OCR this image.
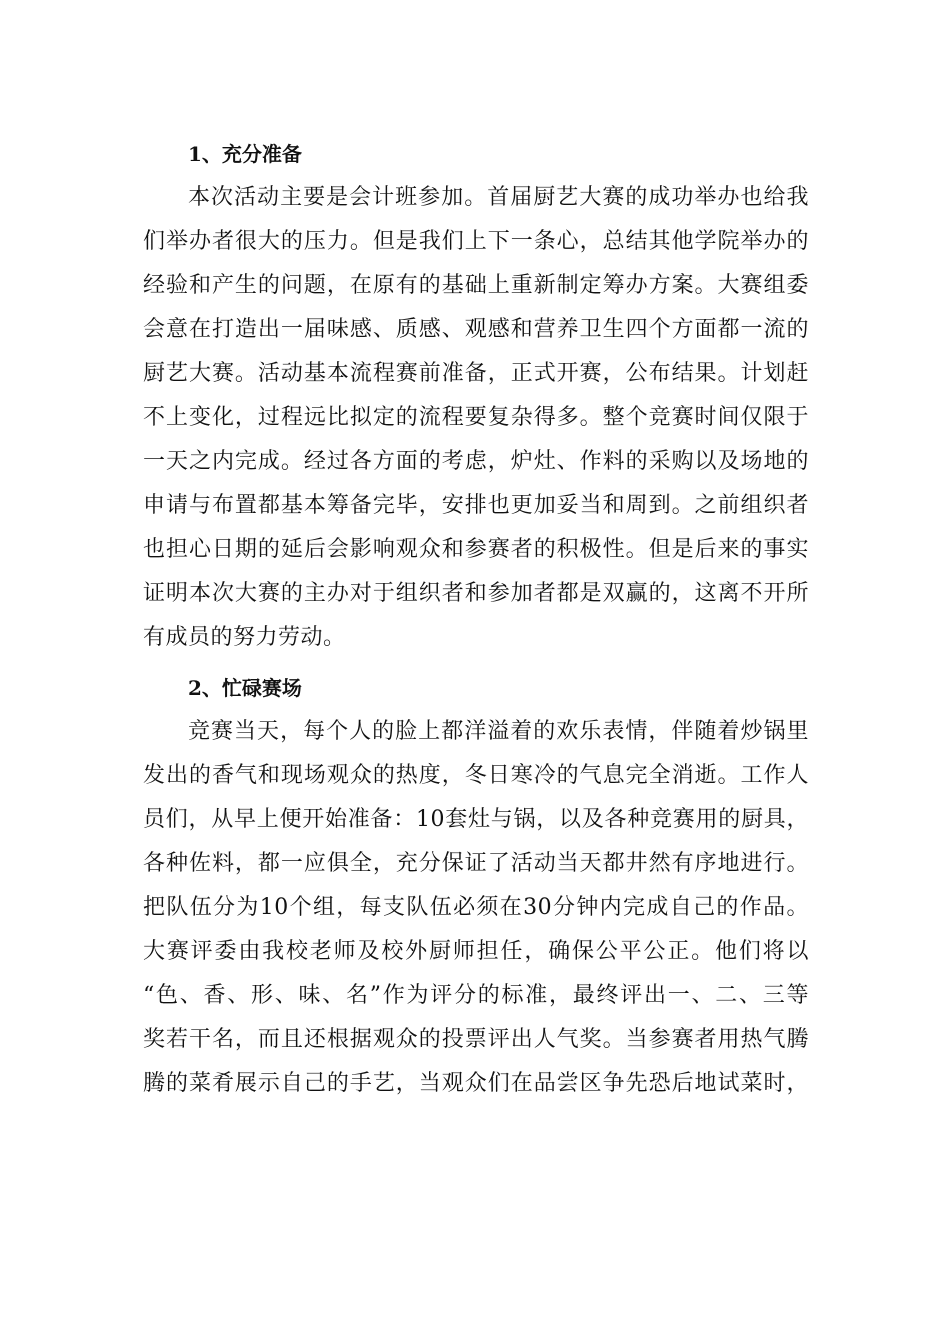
1、充分准备
本次活动主要是会计班参加。首届厨艺大赛的成功举办也给我
们举办者很大的压力。但是我们上下一条心，总结其他学院举办的
经验和产生的问题，在原有的基础上重新制定筹办方案。大赛组委
会意在打造出一届味感、质感、观感和营养卫生四个方面都一流的
厨艺大赛。活动基本流程赛前准备，正式开赛，公布结果。计划赶
不上变化，过程远比拟定的流程要复杂得多。整个竞赛时间仅限于
一天之内完成。经过各方面的考虑，炉灶、作料的采购以及场地的
申请与布置都基本筹备完毕，安排也更加妥当和周到。之前组织者
也担心日期的延后会影响观众和参赛者的积极性。但是后来的事实
证明本次大赛的主办对于组织者和参加者都是双赢的，这离不开所
有成员的努力劳动。
2、忙碌赛场
竞赛当天，每个人的脸上都洋溢着的欢乐表情，伴随着炒锅里
发出的香气和现场观众的热度，冬日寒冷的气息完全消逝。工作人
员们，从早上便开始准备：10套灶与锅，以及各种竞赛用的厨具，
各种佐料，都一应俱全，充分保证了活动当天都井然有序地进行。
把队伍分为10个组，每支队伍必须在30分钟内完成自己的作品。
大赛评委由我校老师及校外厨师担任，确保公平公正。他们将以
“色、香、形、味、名”作为评分的标准，最终评出一、二、三等
奖若干名，而且还根据观众的投票评出人气奖。当参赛者用热气腾
腾的菜肴展示自己的手艺，当观众们在品尝区争先恐后地试菜时，
